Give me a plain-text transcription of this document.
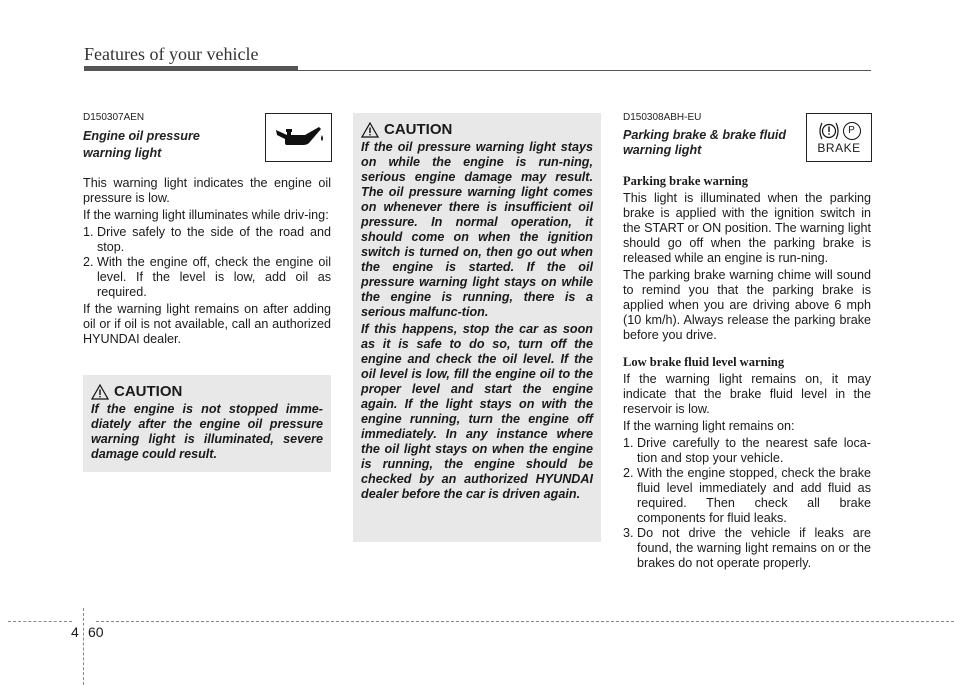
Features of your vehicle
D150307AEN
Engine oil pressure
warning light

This warning light indicates the engine oil pressure is low.

If the warning light illuminates while driv-ing:

1. Drive safely to the side of the road and stop.
2. With the engine off, check the engine oil level. If the level is low, add oil as required.

If the warning light remains on after adding oil or if oil is not available, call an authorized HYUNDAI dealer.

CAUTION

If the engine is not stopped imme-diately after the engine oil pressure warning light is illuminated, severe damage could result.

CAUTION

If the oil pressure warning light stays on while the engine is run-ning, serious engine damage may result. The oil pressure warning light comes on whenever there is insufficient oil pressure. In normal operation, it should come on when the ignition switch is turned on, then go out when the engine is started. If the oil pressure warning light stays on while the engine is running, there is a serious malfunc-tion.

If this happens, stop the car as soon as it is safe to do so, turn off the engine and check the oil level. If the oil level is low, fill the engine oil to the proper level and start the engine again. If the light stays on with the engine running, turn the engine off immediately. In any instance where the oil light stays on when the engine is running, the engine should be checked by an authorized HYUNDAI dealer before the car is driven again.

D150308ABH-EU
Parking brake & brake fluid
warning light
Parking brake warning

This light is illuminated when the parking brake is applied with the ignition switch in the START or ON position. The warning light should go off when the parking brake is released while an engine is run-ning.

The parking brake warning chime will sound to remind you that the parking brake is applied when you are driving above 6 mph (10 km/h). Always release the parking brake before you drive.

Low brake fluid level warning

If the warning light remains on, it may indicate that the brake fluid level in the reservoir is low.

If the warning light remains on:

1. Drive carefully to the nearest safe loca-tion and stop your vehicle.
2. With the engine stopped, check the brake fluid level immediately and add fluid as required. Then check all brake components for fluid leaks.
3. Do not drive the vehicle if leaks are found, the warning light remains on or the brakes do not operate properly.
P
BRAKE
4 60
